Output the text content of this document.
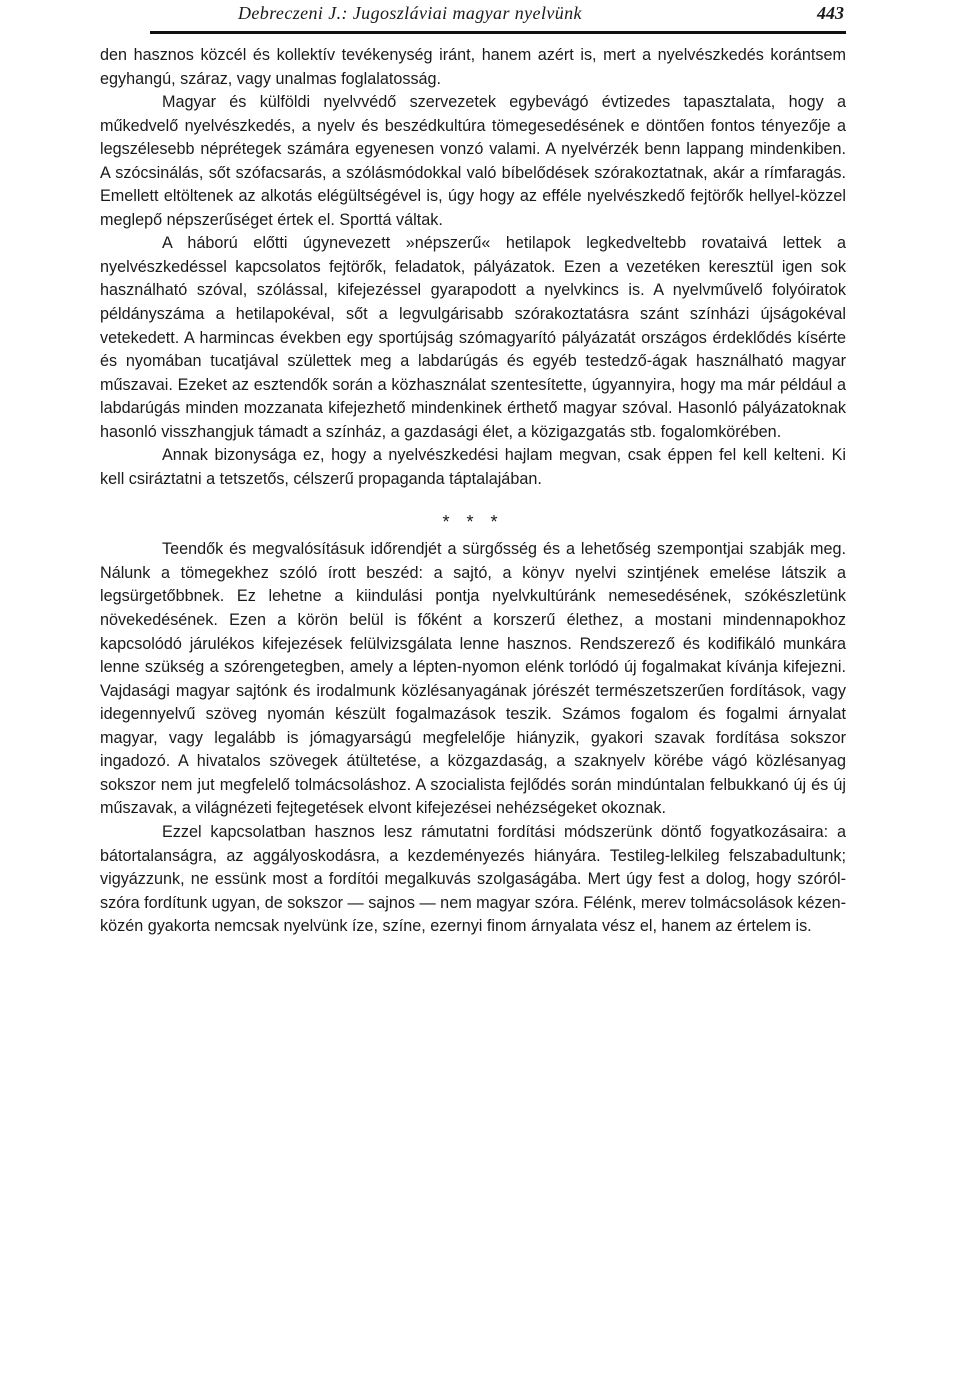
Debreczeni J.: Jugoszláviai magyar nyelvünk	443

den hasznos közcél és kollektív tevékenység iránt, hanem azért is, mert a nyelvészkedés korántsem egyhangú, száraz, vagy unalmas foglalatosság.

Magyar és külföldi nyelvvédő szervezetek egybevágó évtizedes tapasztalata, hogy a műkedvelő nyelvészkedés, a nyelv és beszédkultúra tömegesedésének e döntően fontos tényezője a legszélesebb néprétegek számára egyenesen vonzó valami. A nyelvérzék benn lappang mindenkiben. A szócsinálás, sőt szófacsarás, a szólásmódokkal való bíbelődések szórakoztatnak, akár a rímfaragás. Emellett eltöltenek az alkotás elégültségével is, úgy hogy az efféle nyelvészkedő fejtörők hellyel-közzel meglepő népszerűséget értek el. Sporttá váltak.

A háború előtti úgynevezett »népszerű« hetilapok legkedveltebb rovataivá lettek a nyelvészkedéssel kapcsolatos fejtörők, feladatok, pályázatok. Ezen a vezetéken keresztül igen sok használható szóval, szólással, kifejezéssel gyarapodott a nyelvkincs is. A nyelvművelő folyóiratok példányszáma a hetilapokéval, sőt a legvulgárisabb szórakoztatásra szánt színházi újságokéval vetekedett. A harmincas években egy sportújság szómagyarító pályázatát országos érdeklődés kísérte és nyomában tucatjával születtek meg a labdarúgás és egyéb testedző-ágak használható magyar műszavai. Ezeket az esztendők során a közhasználat szentesítette, úgyannyira, hogy ma már például a labdarúgás minden mozzanata kifejezhető mindenkinek érthető magyar szóval. Hasonló pályázatoknak hasonló visszhangjuk támadt a színház, a gazdasági élet, a közigazgatás stb. fogalomkörében.

Annak bizonysága ez, hogy a nyelvészkedési hajlam megvan, csak éppen fel kell kelteni. Ki kell csiráztatni a tetszetős, célszerű propaganda táptalajában.

* * *

Teendők és megvalósításuk időrendjét a sürgősség és a lehetőség szempontjai szabják meg. Nálunk a tömegekhez szóló írott beszéd: a sajtó, a könyv nyelvi szintjének emelése látszik a legsürgetőbbnek. Ez lehetne a kiindulási pontja nyelvkultúránk nemesedésének, szókészletünk növekedésének. Ezen a körön belül is főként a korszerű élethez, a mostani mindennapokhoz kapcsolódó járulékos kifejezések felülvizsgálata lenne hasznos. Rendszerező és kodifikáló munkára lenne szükség a szórengetegben, amely a lépten-nyomon elénk torlódó új fogalmakat kívánja kifejezni. Vajdasági magyar sajtónk és irodalmunk közlésanyagának jórészét természetszerűen fordítások, vagy idegennyelvű szöveg nyomán készült fogalmazások teszik. Számos fogalom és fogalmi árnyalat magyar, vagy legalább is jómagyarságú megfelelője hiányzik, gyakori szavak fordítása sokszor ingadozó. A hivatalos szövegek átültetése, a közgazdaság, a szaknyelv körébe vágó közlésanyag sokszor nem jut megfelelő tolmácsoláshoz. A szocialista fejlődés során mindúntalan felbukkanó új és új műszavak, a világnézeti fejtegetések elvont kifejezései nehézségeket okoznak.

Ezzel kapcsolatban hasznos lesz rámutatni fordítási módszerünk döntő fogyatkozásaira: a bátortalanságra, az aggályoskodásra, a kezdeményezés hiányára. Testileg-lelkileg felszabadultunk; vigyázzunk, ne essünk most a fordítói megalkuvás szolgaságába. Mert úgy fest a dolog, hogy szóról-szóra fordítunk ugyan, de sokszor — sajnos — nem magyar szóra. Félénk, merev tolmácsolások kézen-közén gyakorta nemcsak nyelvünk íze, színe, ezernyi finom árnyalata vész el, hanem az értelem is.
